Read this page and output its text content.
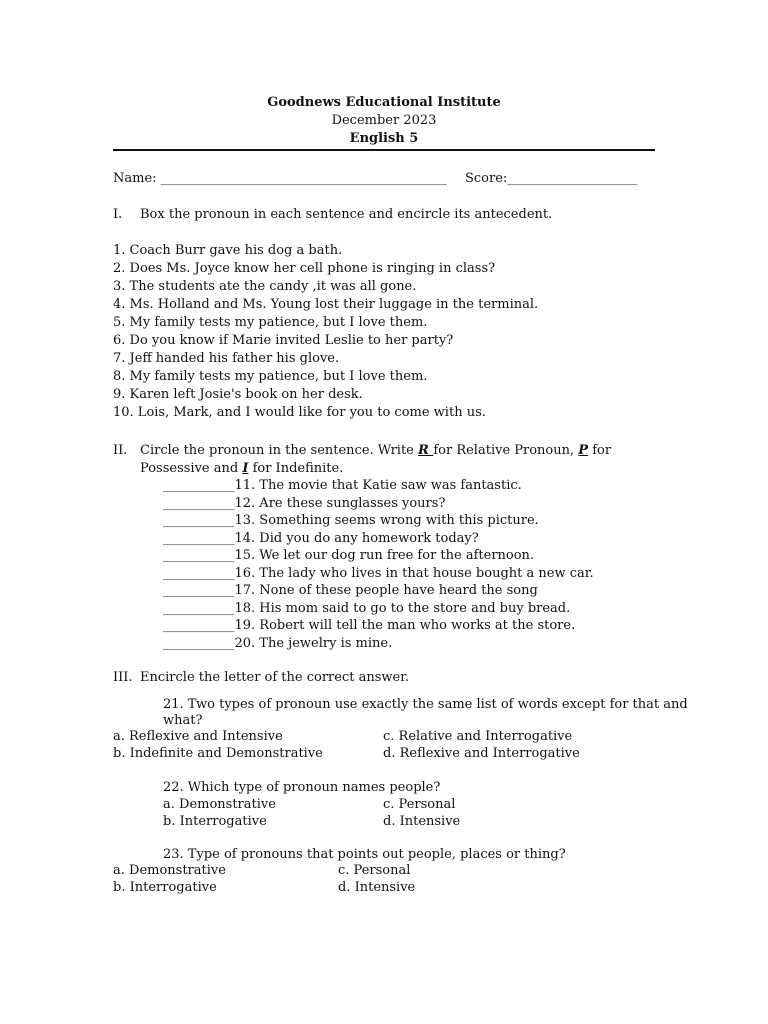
Goodnews Educational Institute
December 2023
English 5
Name: ____________________________________________ Score:____________________
I. Box the pronoun in each sentence and encircle its antecedent.
1. Coach Burr gave his dog a bath.
2. Does Ms. Joyce know her cell phone is ringing in class?
3. The students ate the candy ,it was all gone.
4. Ms. Holland and Ms. Young lost their luggage in the terminal.
5. My family tests my patience, but I love them.
6. Do you know if Marie invited Leslie to her party?
7. Jeff handed his father his glove.
8. My family tests my patience, but I love them.
9. Karen left Josie's book on her desk.
10. Lois, Mark, and I would like for you to come with us.
II. Circle the pronoun in the sentence. Write R for Relative Pronoun, P for
Possessive and I for Indefinite.
___________11. The movie that Katie saw was fantastic.
___________12. Are these sunglasses yours?
___________13. Something seems wrong with this picture.
___________14. Did you do any homework today?
___________15. We let our dog run free for the afternoon.
___________16. The lady who lives in that house bought a new car.
___________17. None of these people have heard the song
___________18. His mom said to go to the store and buy bread.
___________19. Robert will tell the man who works at the store.
___________20. The jewelry is mine.
III. Encircle the letter of the correct answer.
21. Two types of pronoun use exactly the same list of words except for that and
what?
a. Reflexive and Intensive	c. Relative and Interrogative
b. Indefinite and Demonstrative	d. Reflexive and Interrogative
22. Which type of pronoun names people?
a. Demonstrative	c. Personal
b. Interrogative	d. Intensive
23. Type of pronouns that points out people, places or thing?
a. Demonstrative	c. Personal
b. Interrogative	d. Intensive
